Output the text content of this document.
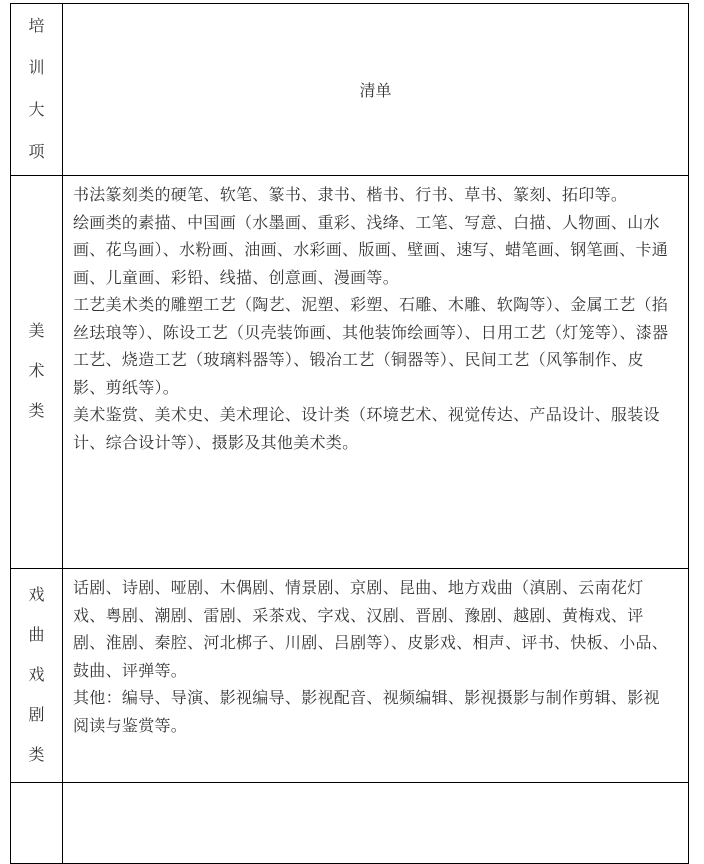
培训大项
清单
美术类

书法篆刻类的硬笔、软笔、篆书、隶书、楷书、行书、草书、篆刻、拓印等。

绘画类的素描、中国画（水墨画、重彩、浅绛、工笔、写意、白描、人物画、山水画、花鸟画）、水粉画、油画、水彩画、版画、壁画、速写、蜡笔画、钢笔画、卡通画、儿童画、彩铅、线描、创意画、漫画等。

工艺美术类的雕塑工艺（陶艺、泥塑、彩塑、石雕、木雕、软陶等）、金属工艺（掐丝珐琅等）、陈设工艺（贝壳装饰画、其他装饰绘画等）、日用工艺（灯笼等）、漆器工艺、烧造工艺（玻璃料器等）、锻冶工艺（铜器等）、民间工艺（风筝制作、皮影、剪纸等）。

美术鉴赏、美术史、美术理论、设计类（环境艺术、视觉传达、产品设计、服装设计、综合设计等）、摄影及其他美术类。

戏曲戏剧类

话剧、诗剧、哑剧、木偶剧、情景剧、京剧、昆曲、地方戏曲（滇剧、云南花灯戏、粤剧、潮剧、雷剧、采茶戏、字戏、汉剧、晋剧、豫剧、越剧、黄梅戏、评剧、淮剧、秦腔、河北梆子、川剧、吕剧等）、皮影戏、相声、评书、快板、小品、鼓曲、评弹等。

其他：编导、导演、影视编导、影视配音、视频编辑、影视摄影与制作剪辑、影视阅读与鉴赏等。
